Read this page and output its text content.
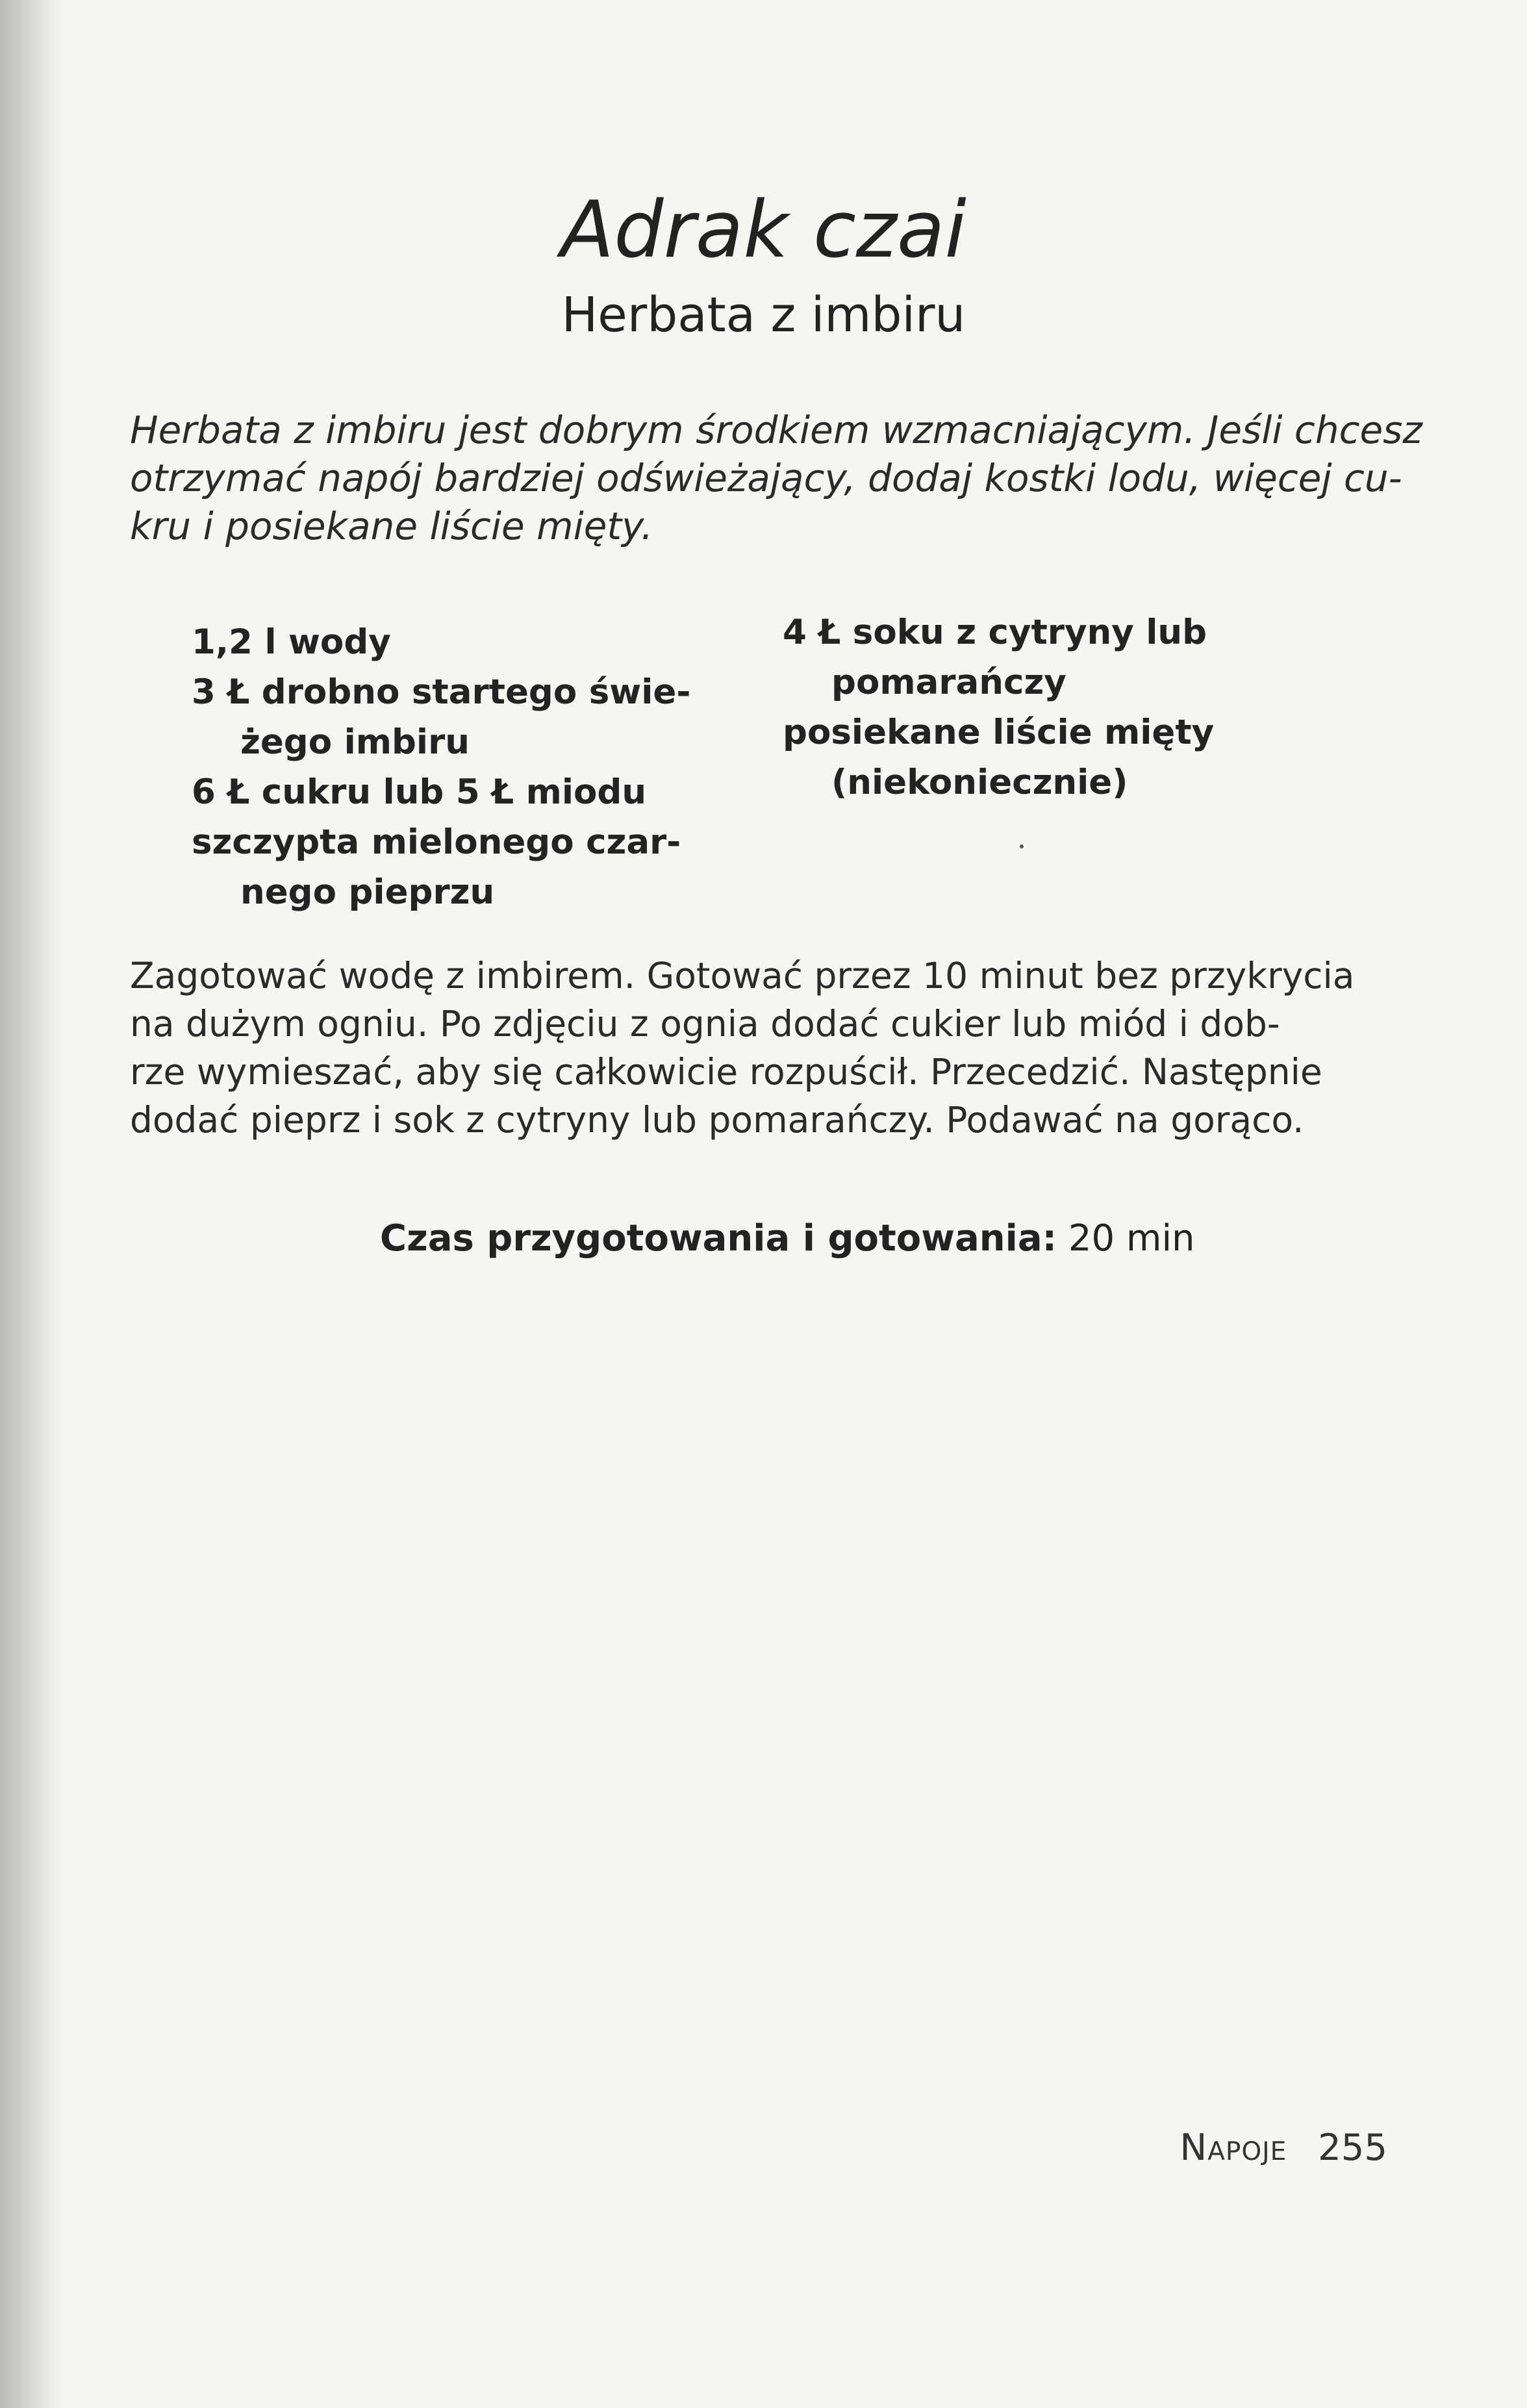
Adrak czai
Herbata z imbiru
Herbata z imbiru jest dobrym środkiem wzmacniającym. Jeśli chcesz
otrzymać napój bardziej odświeżający, dodaj kostki lodu, więcej cu-
kru i posiekane liście mięty.
1,2 l wody
3 Ł drobno startego świe-
żego imbiru
6 Ł cukru lub 5 Ł miodu
szczypta mielonego czar-
nego pieprzu
4 Ł soku z cytryny lub
pomarańczy
posiekane liście mięty
(niekoniecznie)
Zagotować wodę z imbirem. Gotować przez 10 minut bez przykrycia
na dużym ogniu. Po zdjęciu z ognia dodać cukier lub miód i dob-
rze wymieszać, aby się całkowicie rozpuścił. Przecedzić. Następnie
dodać pieprz i sok z cytryny lub pomarańczy. Podawać na gorąco.
Czas przygotowania i gotowania: 20 min
Napoje 255
